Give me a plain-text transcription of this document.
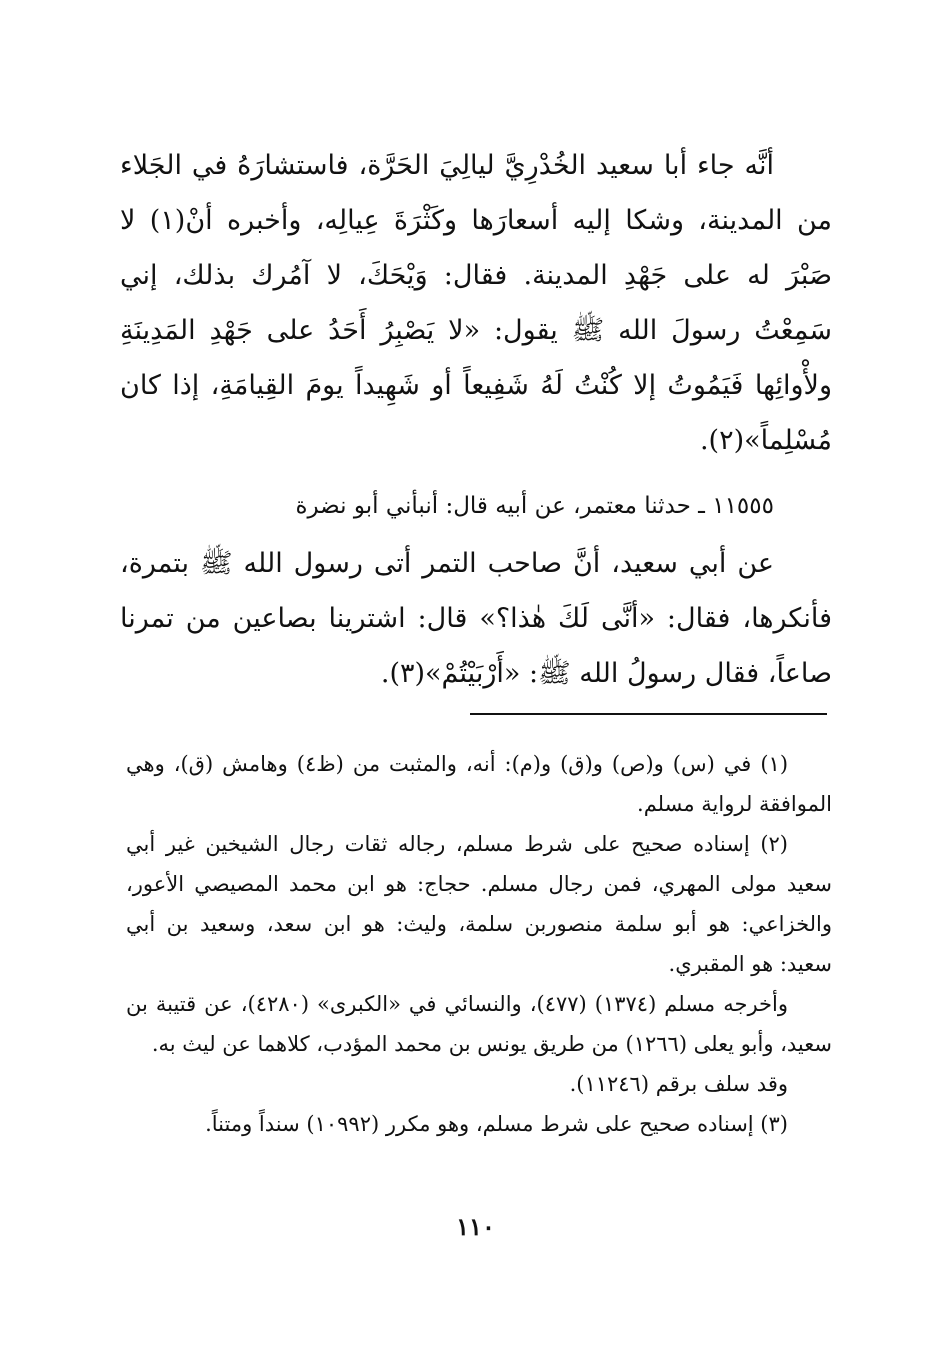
أنَّه جاء أبا سعيد الخُدْرِيَّ ليالِيَ الحَرَّة، فاستشارَهُ في الجَلاء من المدينة، وشكا إليه أسعارَها وكَثْرَةَ عِيالِه، وأخبره أنْ(١) لا صَبْرَ له على جَهْدِ المدينة. فقال: وَيْحَكَ، لا آمُرك بذلك، إني سَمِعْتُ رسولَ الله ﷺ يقول: «لا يَصْبِرُ أَحَدُ على جَهْدِ المَدِينَةِ ولأْوائِها فَيَمُوتُ إلا كُنْتُ لَهُ شَفِيعاً أو شَهِيداً يومَ القِيامَةِ، إذا كان مُسْلِماً»(٢).

١١٥٥٥ ـ حدثنا معتمر، عن أبيه قال: أنبأني أبو نضرة

عن أبي سعيد، أنَّ صاحب التمر أتى رسول الله ﷺ بتمرة، فأنكرها، فقال: «أنَّى لَكَ هٰذا؟» قال: اشترينا بصاعين من تمرنا صاعاً، فقال رسولُ الله ﷺ: «أَرْبَيْتُمْ»(٣).

(١) في (س) و(ص) و(ق) و(م): أنه، والمثبت من (ظ٤) وهامش (ق)، وهي الموافقة لرواية مسلم.

(٢) إسناده صحيح على شرط مسلم، رجاله ثقات رجال الشيخين غير أبي سعيد مولى المهري، فمن رجال مسلم. حجاج: هو ابن محمد المصيصي الأعور، والخزاعي: هو أبو سلمة منصوربن سلمة، وليث: هو ابن سعد، وسعيد بن أبي سعيد: هو المقبري.

وأخرجه مسلم (١٣٧٤) (٤٧٧)، والنسائي في «الكبرى» (٤٢٨٠)، عن قتيبة بن سعيد، وأبو يعلى (١٢٦٦) من طريق يونس بن محمد المؤدب، كلاهما عن ليث به.

وقد سلف برقم (١١٢٤٦).

(٣) إسناده صحيح على شرط مسلم، وهو مكرر (١٠٩٩٢) سنداً ومتناً.

١١٠
